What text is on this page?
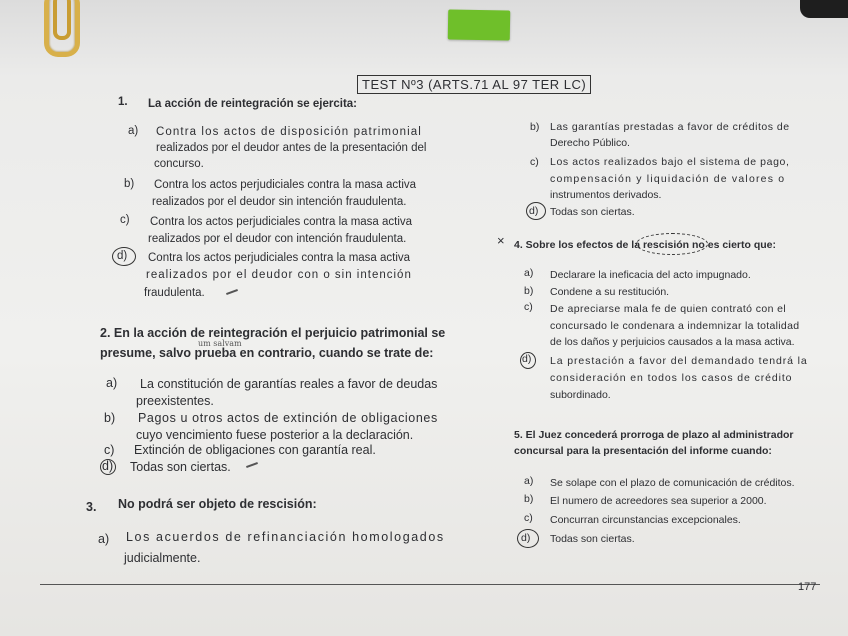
TEST Nº3 (ARTS.71 AL 97 TER LC)
1. La acción de reintegración se ejercita:
a) Contra los actos de disposición patrimonial
realizados por el deudor antes de la presentación del
concurso.
b) Contra los actos perjudiciales contra la masa activa
realizados por el deudor sin intención fraudulenta.
c) Contra los actos perjudiciales contra la masa activa
realizados por el deudor con intención fraudulenta.
d) Contra los actos perjudiciales contra la masa activa
realizados por el deudor con o sin intención
fraudulenta.
2. En la acción de reintegración el perjuicio patrimonial se
um salvam
presume, salvo prueba en contrario, cuando se trate de:
a) La constitución de garantías reales a favor de deudas
preexistentes.
b) Pagos u otros actos de extinción de obligaciones
cuyo vencimiento fuese posterior a la declaración.
c) Extinción de obligaciones con garantía real.
d) Todas son ciertas.
3. No podrá ser objeto de rescisión:
a) Los acuerdos de refinanciación homologados
judicialmente.
b) Las garantías prestadas a favor de créditos de
Derecho Público.
c) Los actos realizados bajo el sistema de pago,
compensación y liquidación de valores o
instrumentos derivados.
d) Todas son ciertas.
× 4. Sobre los efectos de la rescisión no es cierto que:
a) Declarare la ineficacia del acto impugnado.
b) Condene a su restitución.
c) De apreciarse mala fe de quien contrató con el
concursado le condenara a indemnizar la totalidad
de los daños y perjuicios causados a la masa activa.
d) La prestación a favor del demandado tendrá la
consideración en todos los casos de crédito
subordinado.
5. El Juez concederá prorroga de plazo al administrador
concursal para la presentación del informe cuando:
a) Se solape con el plazo de comunicación de créditos.
b) El numero de acreedores sea superior a 2000.
c) Concurran circunstancias excepcionales.
d) Todas son ciertas.
177
